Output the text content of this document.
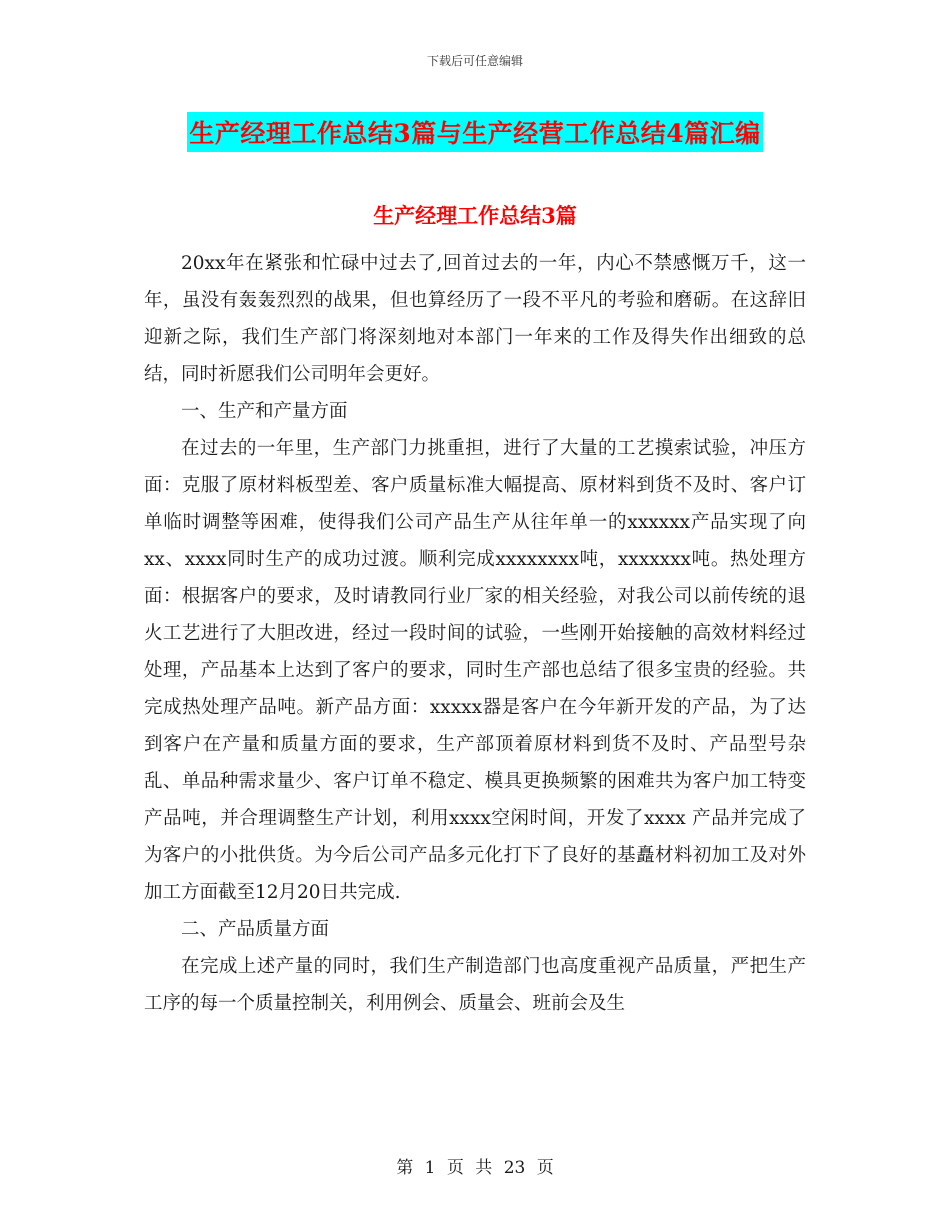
下载后可任意编辑
生产经理工作总结3篇与生产经营工作总结4篇汇编
生产经理工作总结3篇

20xx年在紧张和忙碌中过去了,回首过去的一年，内心不禁感慨万千，这一年，虽没有轰轰烈烈的战果，但也算经历了一段不平凡的考验和磨砺。在这辞旧迎新之际，我们生产部门将深刻地对本部门一年来的工作及得失作出细致的总结，同时祈愿我们公司明年会更好。

一、生产和产量方面

在过去的一年里，生产部门力挑重担，进行了大量的工艺摸索试验，冲压方面：克服了原材料板型差、客户质量标准大幅提高、原材料到货不及时、客户订单临时调整等困难，使得我们公司产品生产从往年单一的xxxxxx产品实现了向xx、xxxx同时生产的成功过渡。顺利完成xxxxxxxx吨，xxxxxxx吨。热处理方面：根据客户的要求，及时请教同行业厂家的相关经验，对我公司以前传统的退火工艺进行了大胆改进，经过一段时间的试验，一些刚开始接触的高效材料经过处理，产品基本上达到了客户的要求，同时生产部也总结了很多宝贵的经验。共完成热处理产品吨。新产品方面：xxxxx器是客户在今年新开发的产品，为了达到客户在产量和质量方面的要求，生产部顶着原材料到货不及时、产品型号杂乱、单品种需求量少、客户订单不稳定、模具更换频繁的困难共为客户加工特变产品吨，并合理调整生产计划，利用xxxx空闲时间，开发了xxxx 产品并完成了为客户的小批供货。为今后公司产品多元化打下了良好的基矗材料初加工及对外加工方面截至12月20日共完成.

二、产品质量方面

在完成上述产量的同时，我们生产制造部门也高度重视产品质量，严把生产工序的每一个质量控制关，利用例会、质量会、班前会及生

第 1 页 共 23 页
